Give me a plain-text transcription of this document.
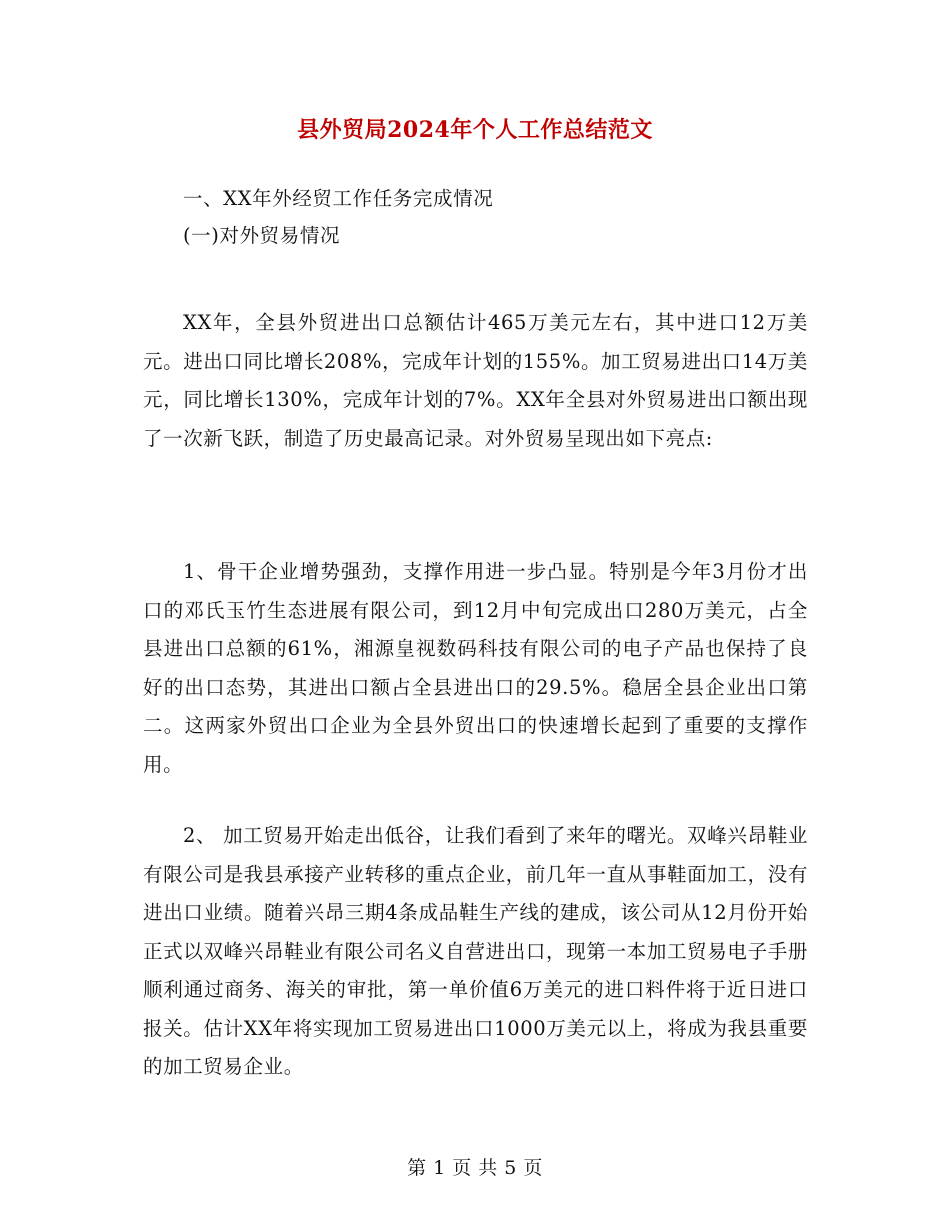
县外贸局2024年个人工作总结范文

一、XX年外经贸工作任务完成情况

(一)对外贸易情况

XX年，全县外贸进出口总额估计465万美元左右，其中进口12万美元。进出口同比增长208%，完成年计划的155%。加工贸易进出口14万美元，同比增长130%，完成年计划的7%。XX年全县对外贸易进出口额出现了一次新飞跃，制造了历史最高记录。对外贸易呈现出如下亮点:

1、骨干企业增势强劲，支撑作用进一步凸显。特别是今年3月份才出口的邓氏玉竹生态进展有限公司，到12月中旬完成出口280万美元，占全县进出口总额的61%，湘源皇视数码科技有限公司的电子产品也保持了良好的出口态势，其进出口额占全县进出口的29.5%。稳居全县企业出口第二。这两家外贸出口企业为全县外贸出口的快速增长起到了重要的支撑作用。

2、 加工贸易开始走出低谷，让我们看到了来年的曙光。双峰兴昂鞋业有限公司是我县承接产业转移的重点企业，前几年一直从事鞋面加工，没有进出口业绩。随着兴昂三期4条成品鞋生产线的建成，该公司从12月份开始正式以双峰兴昂鞋业有限公司名义自营进出口，现第一本加工贸易电子手册顺利通过商务、海关的审批，第一单价值6万美元的进口料件将于近日进口报关。估计XX年将实现加工贸易进出口1000万美元以上，将成为我县重要的加工贸易企业。

第 1 页 共 5 页
